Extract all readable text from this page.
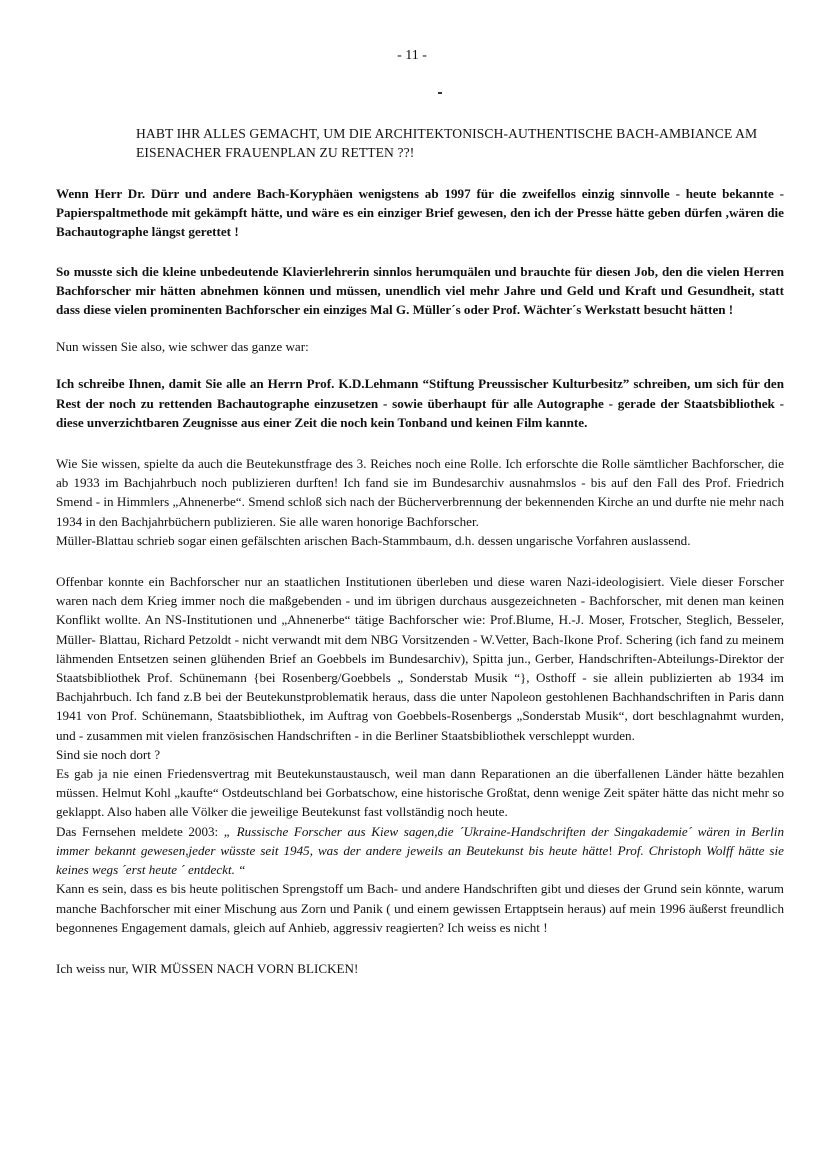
- 11 -
HABT IHR ALLES GEMACHT, UM DIE ARCHITEKTONISCH-AUTHENTISCHE BACH-AMBIANCE AM EISENACHER FRAUENPLAN ZU RETTEN ??!

Wenn Herr Dr. Dürr und andere Bach-Koryphäen wenigstens ab 1997 für die zweifellos einzig sinnvolle - heute bekannte - Papierspaltmethode mit gekämpft hätte, und wäre es ein einziger Brief gewesen, den ich der Presse hätte geben dürfen ,wären die Bachautographe längst gerettet !

So musste sich die kleine unbedeutende Klavierlehrerin sinnlos herumquälen und brauchte für diesen Job, den die vielen Herren Bachforscher mir hätten abnehmen können und müssen, unendlich viel mehr Jahre und Geld und Kraft und Gesundheit, statt dass diese vielen prominenten Bachforscher ein einziges Mal G. Müller´s oder Prof. Wächter´s Werkstatt besucht hätten !

Nun wissen Sie also, wie schwer das ganze war:

Ich schreibe Ihnen, damit Sie alle an Herrn Prof. K.D.Lehmann “Stiftung Preussischer Kulturbesitz” schreiben, um sich für den Rest der noch zu rettenden Bachautographe einzusetzen - sowie überhaupt für alle Autographe - gerade der Staatsbibliothek - diese unverzichtbaren Zeugnisse aus einer Zeit die noch kein Tonband und keinen Film kannte.

Wie Sie wissen, spielte da auch die Beutekunstfrage des 3. Reiches noch eine Rolle. Ich erforschte die Rolle sämtlicher Bachforscher, die ab 1933 im Bachjahrbuch noch publizieren durften! Ich fand sie im Bundesarchiv ausnahmslos - bis auf den Fall des Prof. Friedrich Smend - in Himmlers „Ahnenerbe“. Smend schloß sich nach der Bücherverbrennung der bekennenden Kirche an und durfte nie mehr nach 1934 in den Bachjahrbüchern publizieren. Sie alle waren honorige Bachforscher.

Müller-Blattau schrieb sogar einen gefälschten arischen Bach-Stammbaum, d.h. dessen ungarische Vorfahren auslassend.

Offenbar konnte ein Bachforscher nur an staatlichen Institutionen überleben und diese waren Nazi-ideologisiert. Viele dieser Forscher waren nach dem Krieg immer noch die maßgebenden - und im übrigen durchaus ausgezeichneten - Bachforscher, mit denen man keinen Konflikt wollte. An NS-Institutionen und „Ahnenerbe“ tätige Bachforscher wie: Prof.Blume, H.-J. Moser, Frotscher, Steglich, Besseler, Müller- Blattau, Richard Petzoldt - nicht verwandt mit dem NBG Vorsitzenden - W.Vetter, Bach-Ikone Prof. Schering (ich fand zu meinem lähmenden Entsetzen seinen glühenden Brief an Goebbels im Bundesarchiv), Spitta jun., Gerber, Handschriften-Abteilungs-Direktor der Staatsbibliothek Prof. Schünemann {bei Rosenberg/Goebbels „ Sonderstab Musik “}, Osthoff - sie allein publizierten ab 1934 im Bachjahrbuch. Ich fand z.B bei der Beutekunstproblematik heraus, dass die unter Napoleon gestohlenen Bachhandschriften in Paris dann 1941 von Prof. Schünemann, Staatsbibliothek, im Auftrag von Goebbels-Rosenbergs „Sonderstab Musik“, dort beschlagnahmt wurden, und - zusammen mit vielen französischen Handschriften - in die Berliner Staatsbibliothek verschleppt wurden.

Sind sie noch dort ?

Es gab ja nie einen Friedensvertrag mit Beutekunstaustausch, weil man dann Reparationen an die überfallenen Länder hätte bezahlen müssen. Helmut Kohl „kaufte“ Ostdeutschland bei Gorbatschow, eine historische Großtat, denn wenige Zeit später hätte das nicht mehr so geklappt. Also haben alle Völker die jeweilige Beutekunst fast vollständig noch heute.

Das Fernsehen meldete 2003: „ Russische Forscher aus Kiew sagen,die ´Ukraine-Handschriften der Singakademie´ wären in Berlin immer bekannt gewesen,jeder wüsste seit 1945, was der andere jeweils an Beutekunst bis heute hätte! Prof. Christoph Wolff hätte sie keines wegs ´erst heute ´ entdeckt. “

Kann es sein, dass es bis heute politischen Sprengstoff um Bach- und andere Handschriften gibt und dieses der Grund sein könnte, warum manche Bachforscher mit einer Mischung aus Zorn und Panik ( und einem gewissen Ertapptsein heraus) auf mein 1996 äußerst freundlich begonnenes Engagement damals, gleich auf Anhieb, aggressiv reagierten? Ich weiss es nicht !

Ich weiss nur, WIR MÜSSEN NACH VORN BLICKEN!
